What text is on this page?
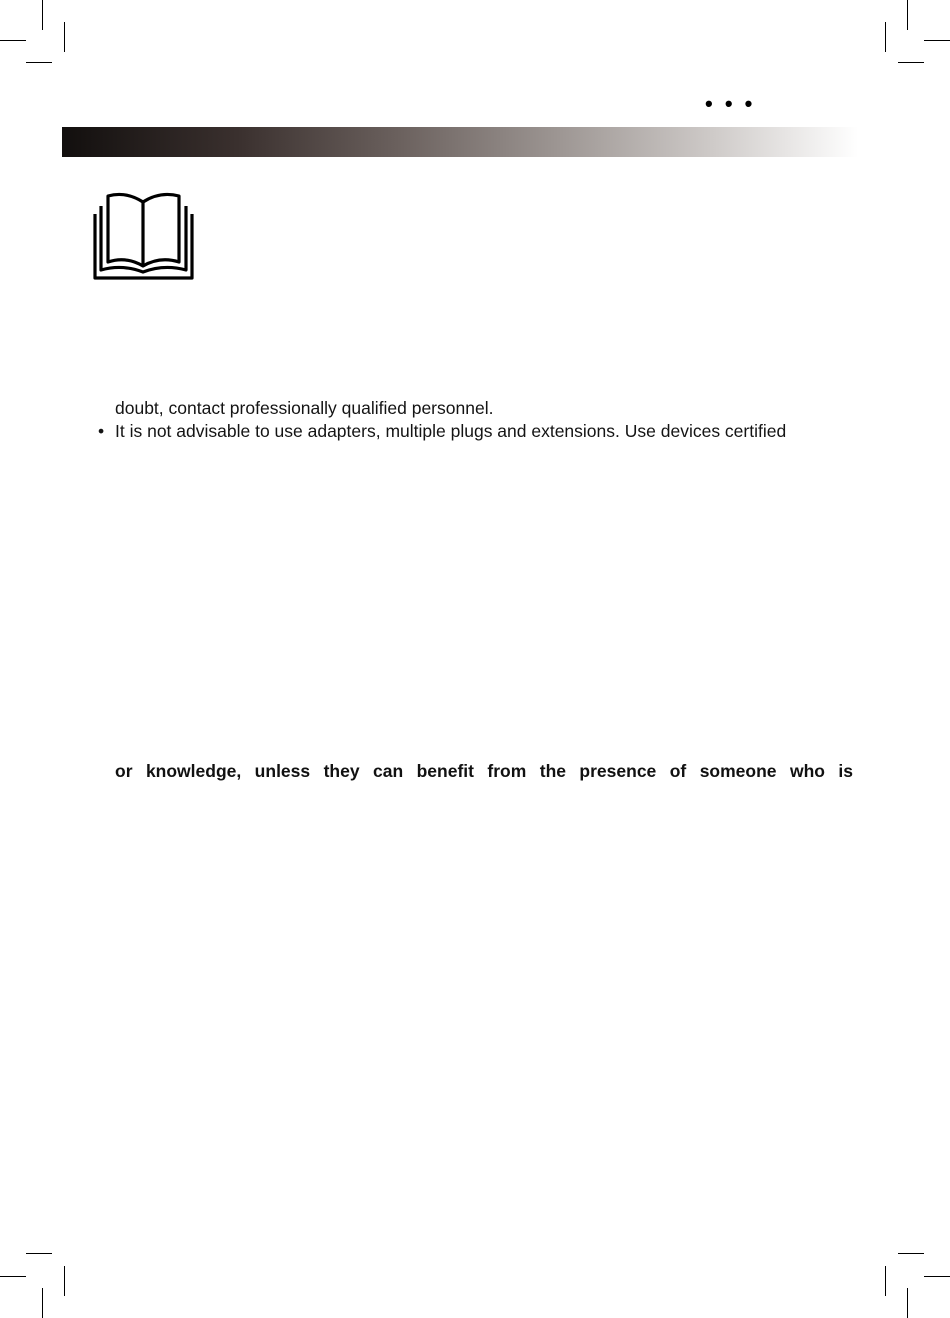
• • •
doubt, contact professionally qualified personnel.
• It is not advisable to use adapters, multiple plugs and extensions. Use devices certified
or knowledge, unless they can benefit from the presence of someone who is
